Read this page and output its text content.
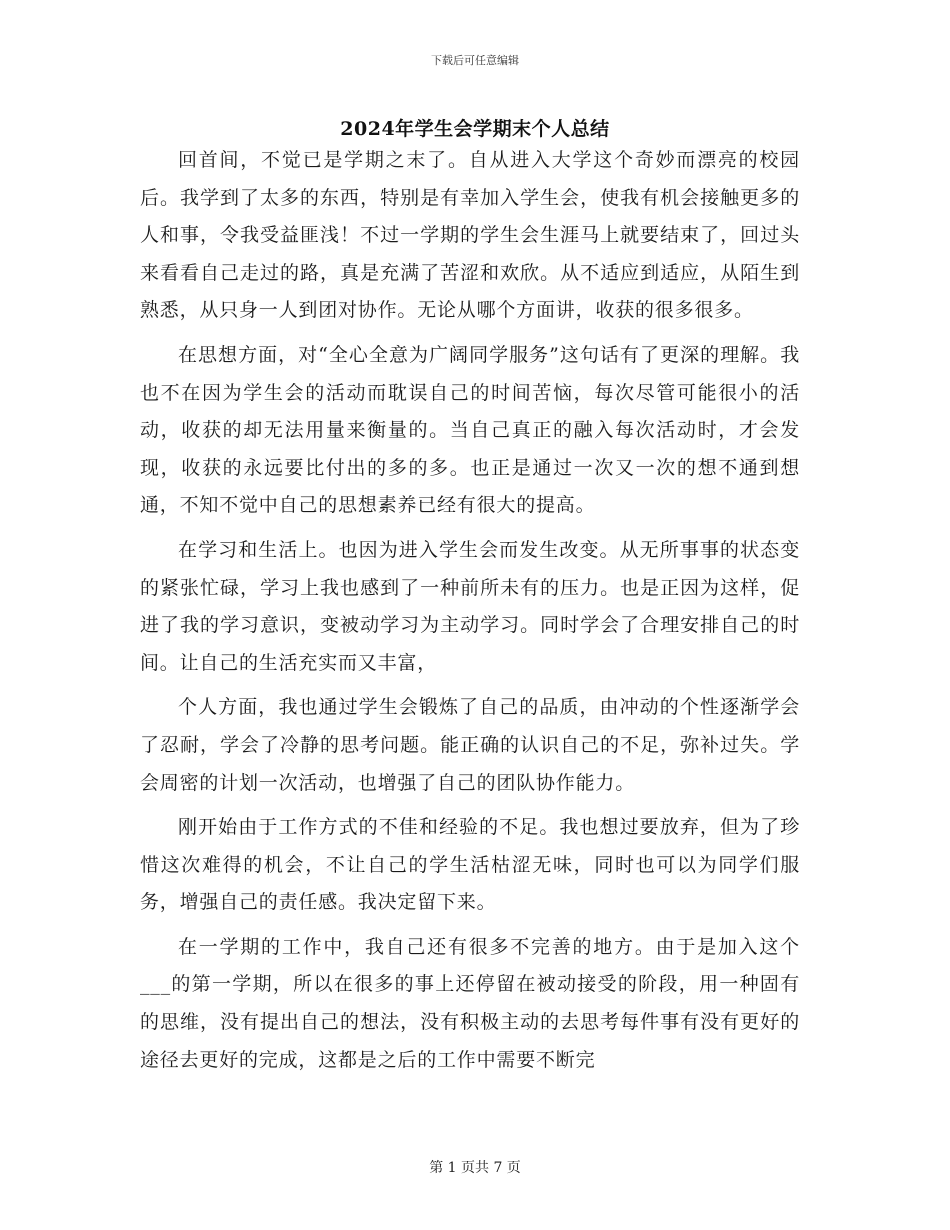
下载后可任意编辑
2024年学生会学期末个人总结

回首间，不觉已是学期之末了。自从进入大学这个奇妙而漂亮的校园后。我学到了太多的东西，特别是有幸加入学生会，使我有机会接触更多的人和事，令我受益匪浅！不过一学期的学生会生涯马上就要结束了，回过头来看看自己走过的路，真是充满了苦涩和欢欣。从不适应到适应，从陌生到熟悉，从只身一人到团对协作。无论从哪个方面讲，收获的很多很多。

在思想方面，对“全心全意为广阔同学服务”这句话有了更深的理解。我也不在因为学生会的活动而耽误自己的时间苦恼，每次尽管可能很小的活动，收获的却无法用量来衡量的。当自己真正的融入每次活动时，才会发现，收获的永远要比付出的多的多。也正是通过一次又一次的想不通到想通，不知不觉中自己的思想素养已经有很大的提高。

在学习和生活上。也因为进入学生会而发生改变。从无所事事的状态变的紧张忙碌，学习上我也感到了一种前所未有的压力。也是正因为这样，促进了我的学习意识，变被动学习为主动学习。同时学会了合理安排自己的时间。让自己的生活充实而又丰富，

个人方面，我也通过学生会锻炼了自己的品质，由冲动的个性逐渐学会了忍耐，学会了冷静的思考问题。能正确的认识自己的不足，弥补过失。学会周密的计划一次活动，也增强了自己的团队协作能力。

刚开始由于工作方式的不佳和经验的不足。我也想过要放弃，但为了珍惜这次难得的机会，不让自己的学生活枯涩无味，同时也可以为同学们服务，增强自己的责任感。我决定留下来。

在一学期的工作中，我自己还有很多不完善的地方。由于是加入这个___的第一学期，所以在很多的事上还停留在被动接受的阶段，用一种固有的思维，没有提出自己的想法，没有积极主动的去思考每件事有没有更好的途径去更好的完成，这都是之后的工作中需要不断完

第 1 页共 7 页
